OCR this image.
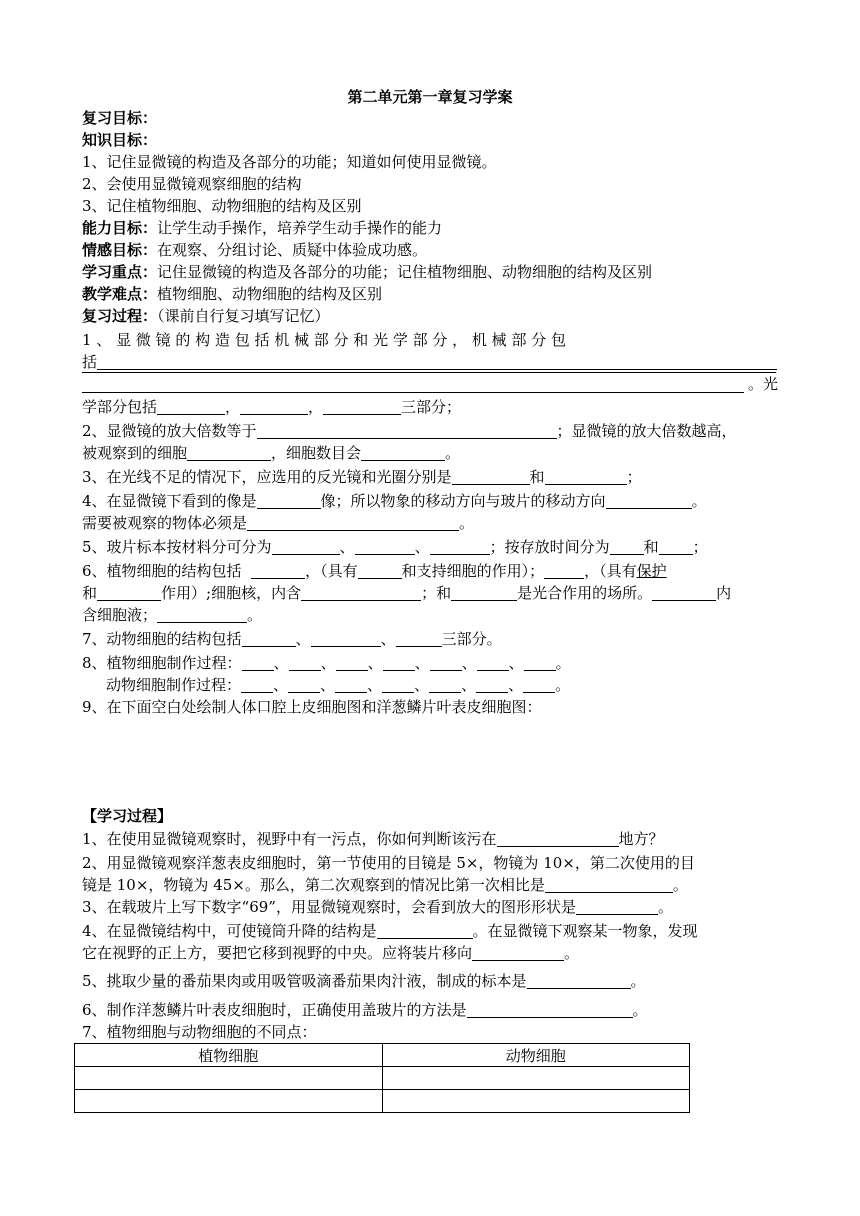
第二单元第一章复习学案
复习目标：
知识目标：
1、记住显微镜的构造及各部分的功能；知道如何使用显微镜。
2、会使用显微镜观察细胞的结构
3、记住植物细胞、动物细胞的结构及区别
能力目标：让学生动手操作，培养学生动手操作的能力
情感目标：在观察、分组讨论、质疑中体验成功感。
学习重点：记住显微镜的构造及各部分的功能；记住植物细胞、动物细胞的结构及区别
教学难点：植物细胞、动物细胞的结构及区别
复习过程：（课前自行复习填写记忆）
1 、 显 微 镜 的 构 造 包 括 机 械 部 分 和 光 学 部 分 ， 机 械 部 分 包
括
。光
学部分包括	，	，	三部分；
2、显微镜的放大倍数等于	；显微镜的放大倍数越高，
被观察到的细胞	，细胞数目会	。
3、在光线不足的情况下，应选用的反光镜和光圈分别是	和	；
4、在显微镜下看到的像是	像；所以物象的移动方向与玻片的移动方向	。
需要被观察的物体必须是	。
5、玻片标本按材料分可分为	、	、	；按存放时间分为 和 ；
6、植物细胞的结构包括	，（具有	和支持细胞的作用）；	，（具有保护
和	作用）;细胞核，内含	；和	是光合作用的场所。	内
含细胞液；	。
7、动物细胞的结构包括	、	、	三部分。
8、植物细胞制作过程： 、 、 、 、 、 、 。
动物细胞制作过程： 、 、 、 、 、 、 。
9、在下面空白处绘制人体口腔上皮细胞图和洋葱鳞片叶表皮细胞图：
【学习过程】
1、在使用显微镜观察时，视野中有一污点，你如何判断该污在	地方？
2、用显微镜观察洋葱表皮细胞时，第一节使用的目镜是 5×，物镜为 10×，第二次使用的目
镜是 10×，物镜为 45×。那么，第二次观察到的情况比第一次相比是	。
3、在载玻片上写下数字“69”，用显微镜观察时，会看到放大的图形形状是	。
4、在显微镜结构中，可使镜筒升降的结构是	。在显微镜下观察某一物象，发现
它在视野的正上方，要把它移到视野的中央。应将装片移向	。
5、挑取少量的番茄果肉或用吸管吸滴番茄果肉汁液，制成的标本是	。
6、制作洋葱鳞片叶表皮细胞时，正确使用盖玻片的方法是	。
7、植物细胞与动物细胞的不同点：
植物细胞	动物细胞
